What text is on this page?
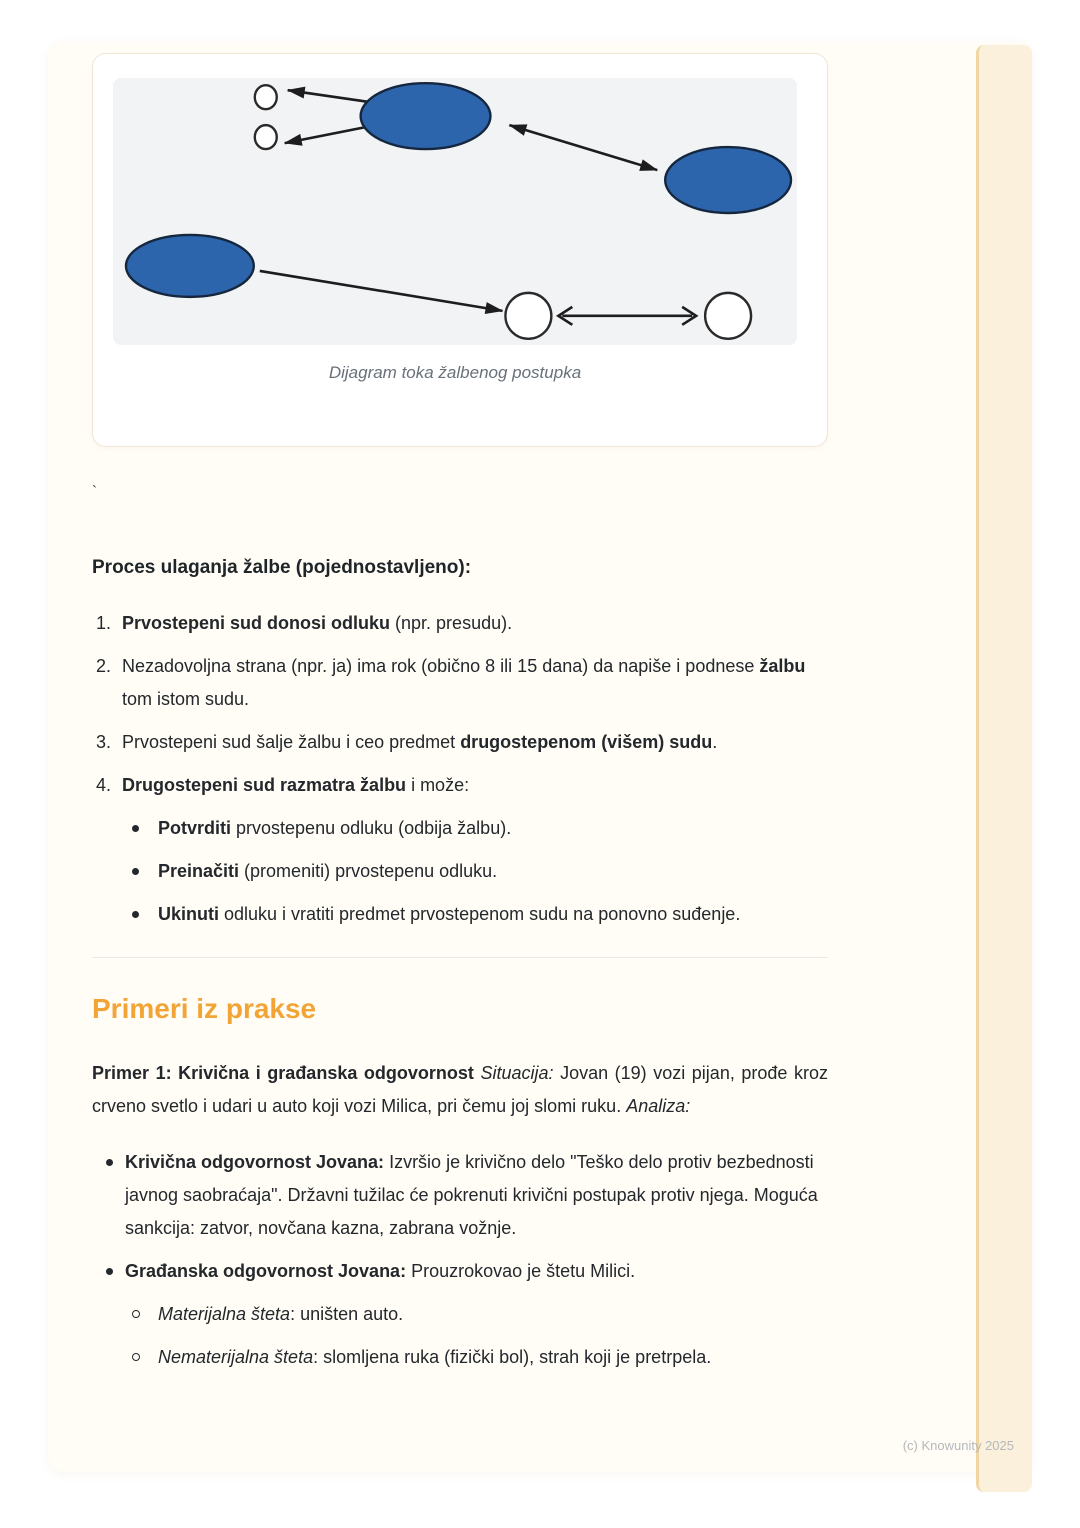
Dijagram toka žalbenog postupka
`
Proces ulaganja žalbe (pojednostavljeno):
1. Prvostepeni sud donosi odluku (npr. presudu).
2. Nezadovoljna strana (npr. ja) ima rok (obično 8 ili 15 dana) da napiše i podnese žalbu tom istom sudu.
3. Prvostepeni sud šalje žalbu i ceo predmet drugostepenom (višem) sudu.
4. Drugostepeni sud razmatra žalbu i može:
Potvrditi prvostepenu odluku (odbija žalbu).
Preinačiti (promeniti) prvostepenu odluku.
Ukinuti odluku i vratiti predmet prvostepenom sudu na ponovno suđenje.
Primeri iz prakse

Primer 1: Krivična i građanska odgovornost Situacija: Jovan (19) vozi pijan, prođe kroz crveno svetlo i udari u auto koji vozi Milica, pri čemu joj slomi ruku. Analiza:

Krivična odgovornost Jovana: Izvršio je krivično delo "Teško delo protiv bezbednosti javnog saobraćaja". Državni tužilac će pokrenuti krivični postupak protiv njega. Moguća sankcija: zatvor, novčana kazna, zabrana vožnje.
Građanska odgovornost Jovana: Prouzrokovao je štetu Milici.
Materijalna šteta: uništen auto.
Nematerijalna šteta: slomljena ruka (fizički bol), strah koji je pretrpela.
(c) Knowunity 2025
